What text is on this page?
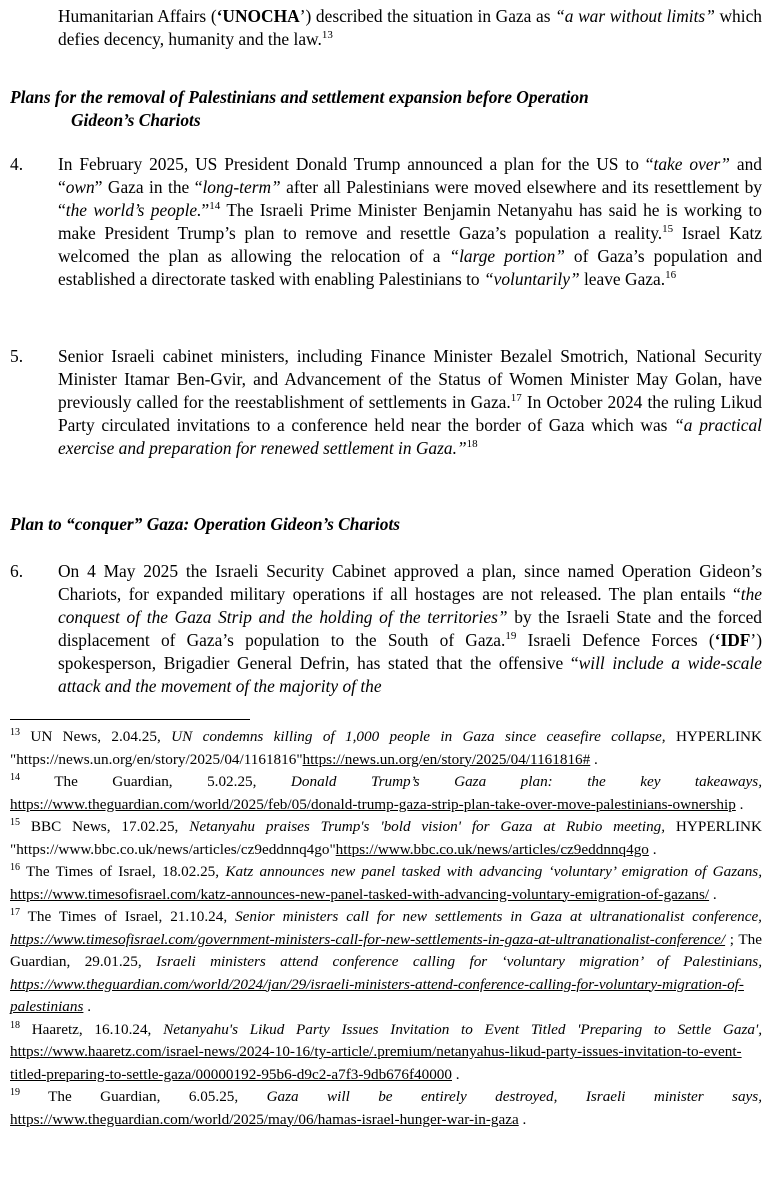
Humanitarian Affairs (‘UNOCHA’) described the situation in Gaza as “a war without limits” which defies decency, humanity and the law.$^{13}$
Plans for the removal of Palestinians and settlement expansion before Operation
Gideon’s Chariots
4.	In February 2025, US President Donald Trump announced a plan for the US to “take over” and “own” Gaza in the “long-term” after all Palestinians were moved elsewhere and its resettlement by “the world’s people.”$^{14}$ The Israeli Prime Minister Benjamin Netanyahu has said he is working to make President Trump’s plan to remove and resettle Gaza’s population a reality.$^{15}$ Israel Katz welcomed the plan as allowing the relocation of a “large portion” of Gaza’s population and established a directorate tasked with enabling Palestinians to “voluntarily” leave Gaza.$^{16}$
5.	Senior Israeli cabinet ministers, including Finance Minister Bezalel Smotrich, National Security Minister Itamar Ben-Gvir, and Advancement of the Status of Women Minister May Golan, have previously called for the reestablishment of settlements in Gaza.$^{17}$ In October 2024 the ruling Likud Party circulated invitations to a conference held near the border of Gaza which was “a practical exercise and preparation for renewed settlement in Gaza.”$^{18}$
Plan to “conquer” Gaza: Operation Gideon’s Chariots
6.	On 4 May 2025 the Israeli Security Cabinet approved a plan, since named Operation Gideon’s Chariots, for expanded military operations if all hostages are not released. The plan entails “the conquest of the Gaza Strip and the holding of the territories” by the Israeli State and the forced displacement of Gaza’s population to the South of Gaza.$^{19}$ Israeli Defence Forces (‘IDF’) spokesperson, Brigadier General Defrin, has stated that the offensive “will include a wide-scale attack and the movement of the majority of the

$^{13}$ UN News, 2.04.25, UN condemns killing of 1,000 people in Gaza since ceasefire collapse, HYPERLINK "https://news.un.org/en/story/2025/04/1161816"https://news.un.org/en/story/2025/04/1161816# .

$^{14}$ The Guardian, 5.02.25, Donald Trump’s Gaza plan: the key takeaways, https://www.theguardian.com/world/2025/feb/05/donald-trump-gaza-strip-plan-take-over-move-palestinians-ownership .

$^{15}$ BBC News, 17.02.25, Netanyahu praises Trump's 'bold vision' for Gaza at Rubio meeting, HYPERLINK "https://www.bbc.co.uk/news/articles/cz9eddnnq4go"https://www.bbc.co.uk/news/articles/cz9eddnnq4go .

$^{16}$ The Times of Israel, 18.02.25, Katz announces new panel tasked with advancing ‘voluntary’ emigration of Gazans, https://www.timesofisrael.com/katz-announces-new-panel-tasked-with-advancing-voluntary-emigration-of-gazans/ .

$^{17}$ The Times of Israel, 21.10.24, Senior ministers call for new settlements in Gaza at ultranationalist conference, https://www.timesofisrael.com/government-ministers-call-for-new-settlements-in-gaza-at-ultranationalist-conference/ ; The Guardian, 29.01.25, Israeli ministers attend conference calling for ‘voluntary migration’ of Palestinians, https://www.theguardian.com/world/2024/jan/29/israeli-ministers-attend-conference-calling-for-voluntary-migration-of-palestinians .

$^{18}$ Haaretz, 16.10.24, Netanyahu's Likud Party Issues Invitation to Event Titled 'Preparing to Settle Gaza', https://www.haaretz.com/israel-news/2024-10-16/ty-article/.premium/netanyahus-likud-party-issues-invitation-to-event-titled-preparing-to-settle-gaza/00000192-95b6-d9c2-a7f3-9db676f40000 .

$^{19}$ The Guardian, 6.05.25, Gaza will be entirely destroyed, Israeli minister says, https://www.theguardian.com/world/2025/may/06/hamas-israel-hunger-war-in-gaza .
